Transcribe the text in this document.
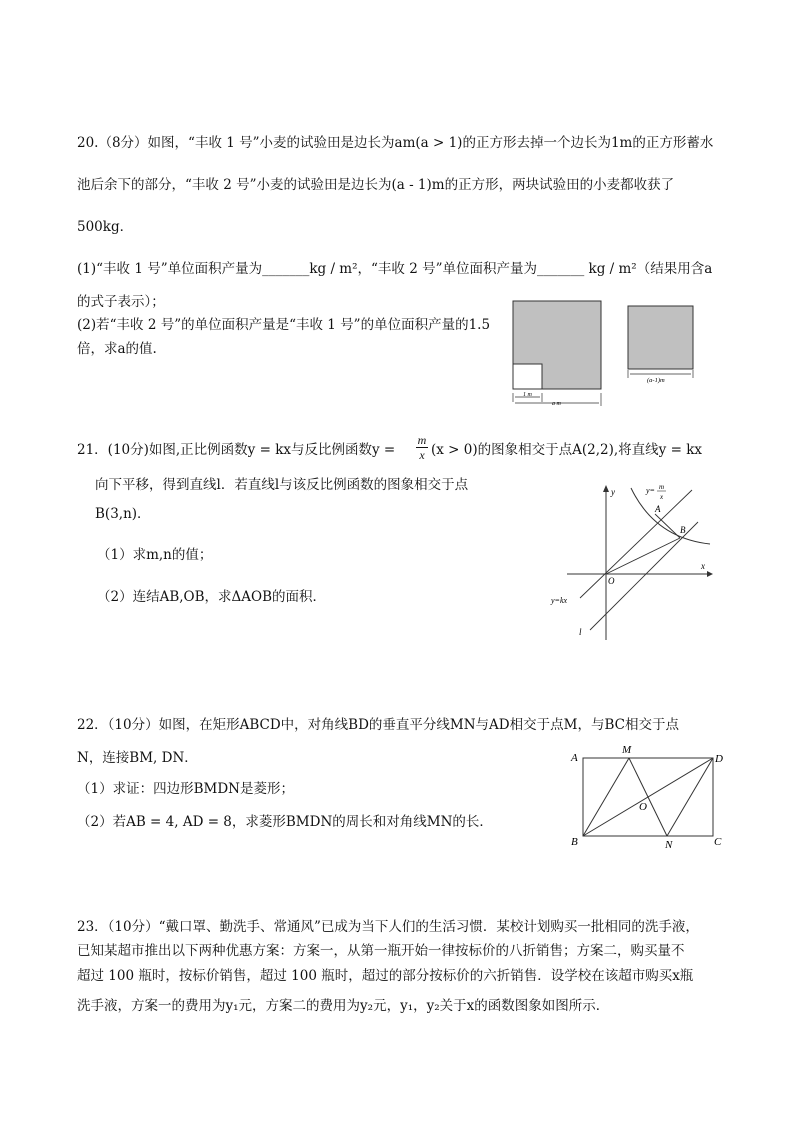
20.（8分）如图，“丰收 1 号”小麦的试验田是边长为am(a > 1)的正方形去掉一个边长为1m的正方形蓄水
池后余下的部分，“丰收 2 号”小麦的试验田是边长为(a - 1)m的正方形，两块试验田的小麦都收获了
500kg．
(1)“丰收 1 号”单位面积产量为_______kg / m²，“丰收 2 号”单位面积产量为_______ kg / m²（结果用含a
的式子表示）；
(2)若“丰收 2 号”的单位面积产量是“丰收 1 号”的单位面积产量的1.5
倍，求a的值.
1 m
a m
(a-1)m
21．(10分)如图,正比例函数y = kx与反比例函数$y = \frac{m}{x} (x > 0)$的图象相交于点A(2,2),将直线y = kx
向下平移，得到直线l．若直线l与该反比例函数的图象相交于点
B(3,n)．
（1）求m,n的值；
（2）连结AB,OB，求ΔAOB的面积．
y
x
O
A
B
y= m
x
y=kx
l
22．（10分）如图，在矩形ABCD中，对角线BD的垂直平分线MN与AD相交于点M，与BC相交于点
N，连接BM, DN．
（1）求证：四边形BMDN是菱形；
（2）若AB = 4, AD = 8，求菱形BMDN的周长和对角线MN的长．
A	D
B	C
M
N
O
23．（10分）“戴口罩、勤洗手、常通风”已成为当下人们的生活习惯．某校计划购买一批相同的洗手液，
已知某超市推出以下两种优惠方案：方案一，从第一瓶开始一律按标价的八折销售；方案二，购买量不
超过 100 瓶时，按标价销售，超过 100 瓶时，超过的部分按标价的六折销售．设学校在该超市购买x瓶
洗手液，方案一的费用为y₁元，方案二的费用为y₂元，y₁，y₂关于x的函数图象如图所示．
